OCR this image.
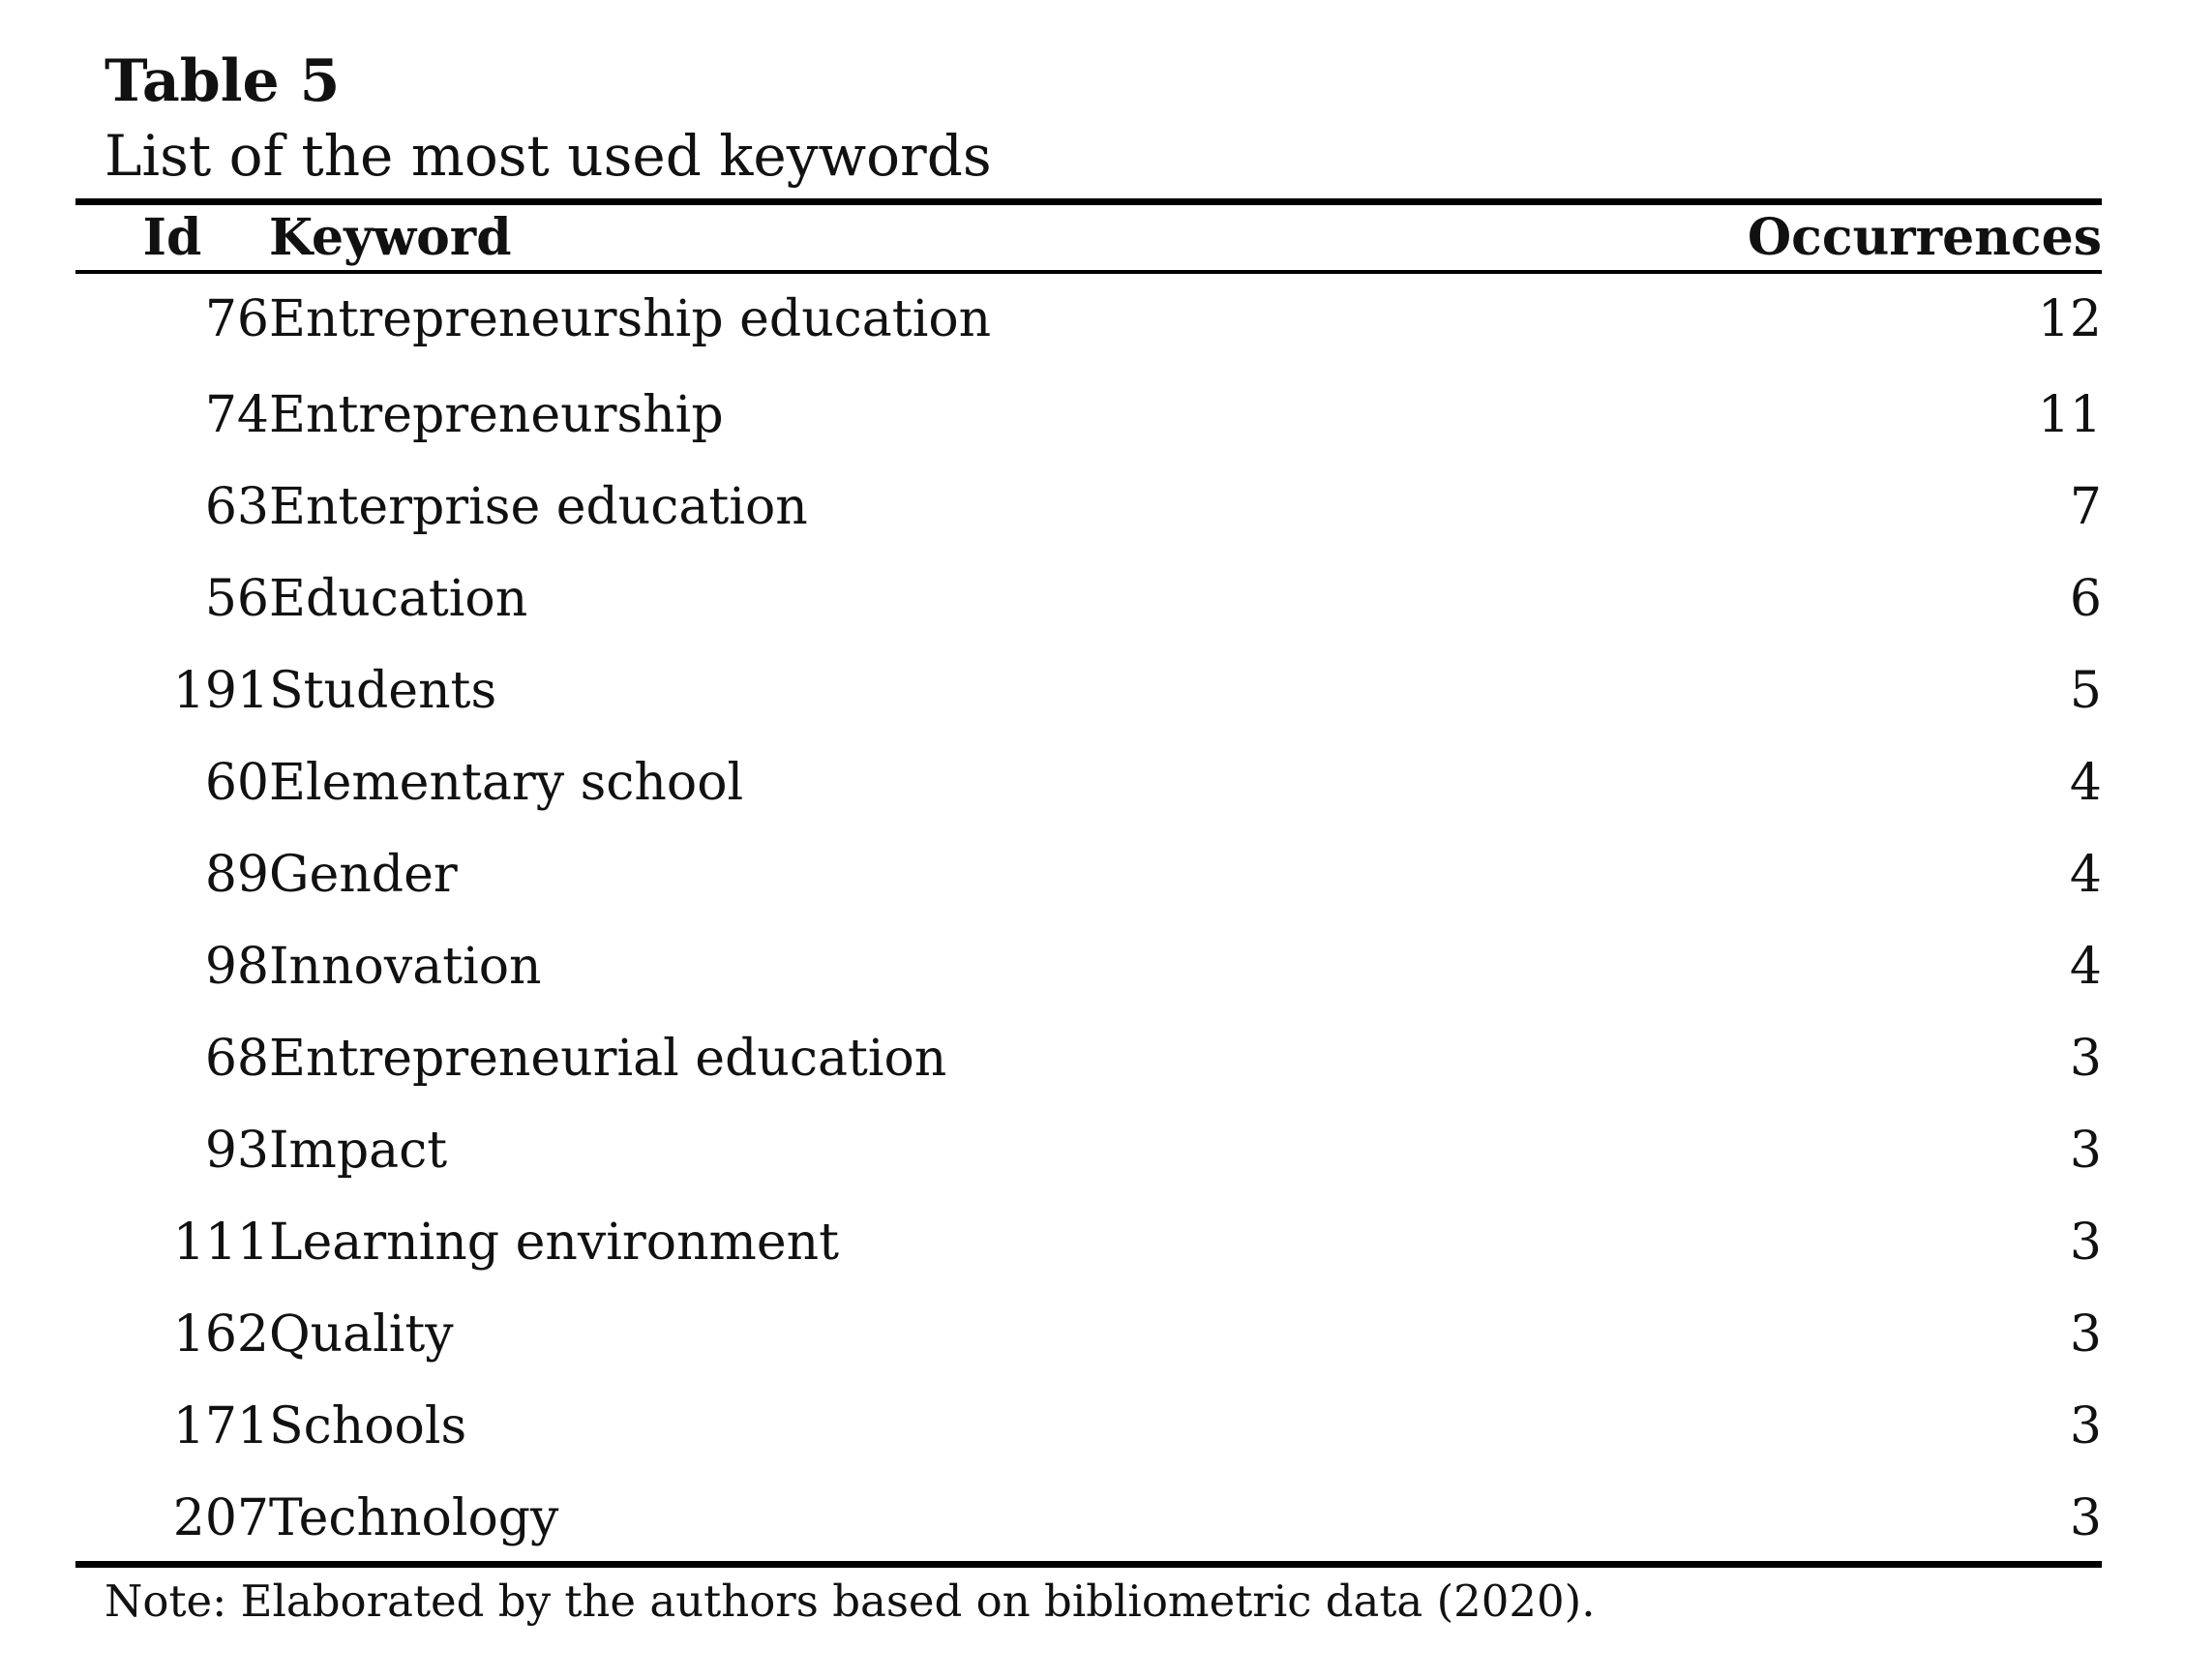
Table 5

List of the most used keywords

Id	Keyword	Occurrences
76	Entrepreneurship education	12
74	Entrepreneurship	11
63	Enterprise education	7
56	Education	6
191	Students	5
60	Elementary school	4
89	Gender	4
98	Innovation	4
68	Entrepreneurial education	3
93	Impact	3
111	Learning environment	3
162	Quality	3
171	Schools	3
207	Technology	3

Note: Elaborated by the authors based on bibliometric data (2020).
